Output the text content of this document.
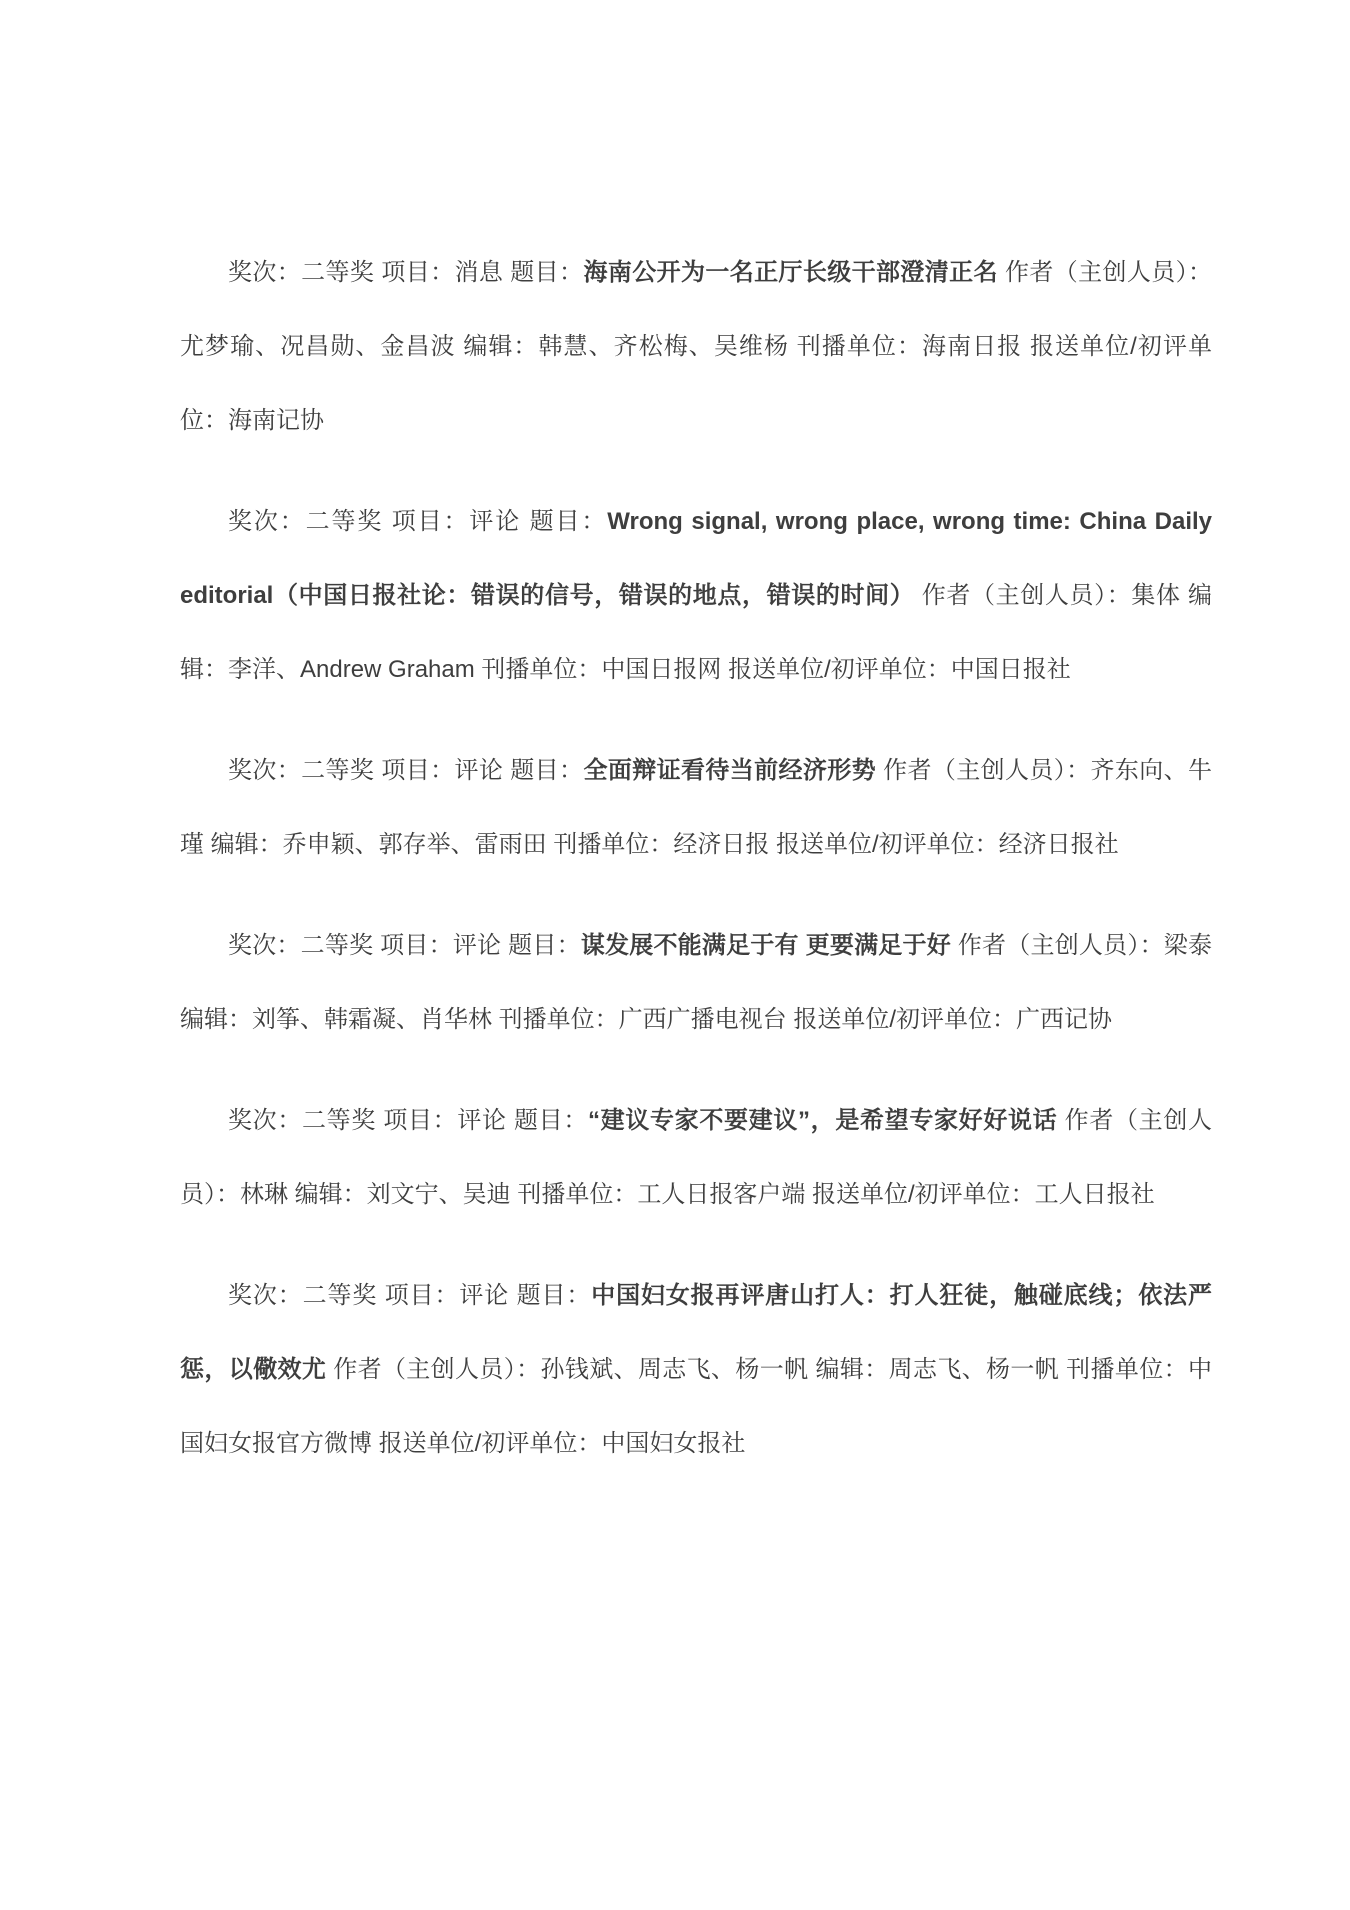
奖次：二等奖 项目：消息 题目：海南公开为一名正厅长级干部澄清正名 作者（主创人员）：尤梦瑜、况昌勋、金昌波 编辑：韩慧、齐松梅、吴维杨 刊播单位：海南日报 报送单位/初评单位：海南记协

奖次：二等奖 项目：评论 题目：Wrong signal, wrong place, wrong time: China Daily editorial（中国日报社论：错误的信号，错误的地点，错误的时间） 作者（主创人员）：集体 编辑：李洋、Andrew Graham 刊播单位：中国日报网 报送单位/初评单位：中国日报社

奖次：二等奖 项目：评论 题目：全面辩证看待当前经济形势 作者（主创人员）：齐东向、牛瑾 编辑：乔申颖、郭存举、雷雨田 刊播单位：经济日报 报送单位/初评单位：经济日报社

奖次：二等奖 项目：评论 题目：谋发展不能满足于有 更要满足于好 作者（主创人员）：梁泰 编辑：刘筝、韩霜凝、肖华林 刊播单位：广西广播电视台 报送单位/初评单位：广西记协

奖次：二等奖 项目：评论 题目：“建议专家不要建议”，是希望专家好好说话 作者（主创人员）：林琳 编辑：刘文宁、吴迪 刊播单位：工人日报客户端 报送单位/初评单位：工人日报社

奖次：二等奖 项目：评论 题目：中国妇女报再评唐山打人：打人狂徒，触碰底线；依法严惩，以儆效尤 作者（主创人员）：孙钱斌、周志飞、杨一帆 编辑：周志飞、杨一帆 刊播单位：中国妇女报官方微博 报送单位/初评单位：中国妇女报社
